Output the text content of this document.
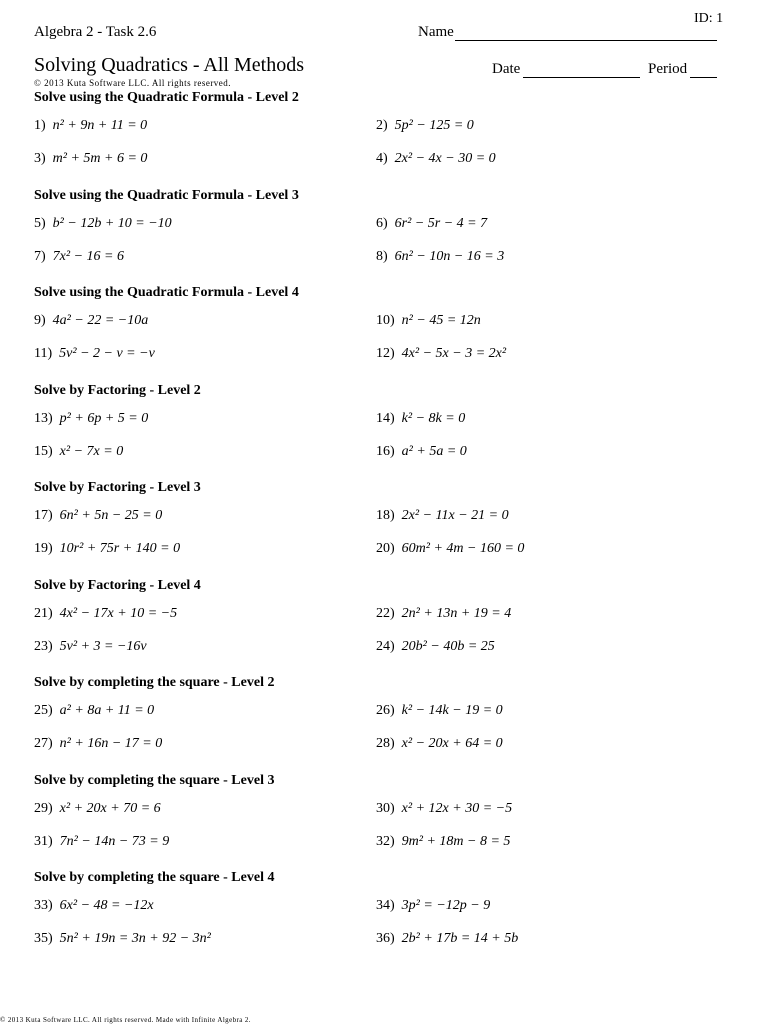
ID: 1
Algebra 2 - Task 2.6	Name
Solving Quadratics - All Methods	Date	Period
© 2013 Kuta Software LLC. All rights reserved.
Solve using the Quadratic Formula - Level 2
1) n² + 9n + 11 = 0	2) 5p² − 125 = 0
3) m² + 5m + 6 = 0	4) 2x² − 4x − 30 = 0
Solve using the Quadratic Formula - Level 3
5) b² − 12b + 10 = −10	6) 6r² − 5r − 4 = 7
7) 7x² − 16 = 6	8) 6n² − 10n − 16 = 3
Solve using the Quadratic Formula - Level 4
9) 4a² − 22 = −10a	10) n² − 45 = 12n
11) 5v² − 2 − v = −v	12) 4x² − 5x − 3 = 2x²
Solve by Factoring - Level 2
13) p² + 6p + 5 = 0	14) k² − 8k = 0
15) x² − 7x = 0	16) a² + 5a = 0
Solve by Factoring - Level 3
17) 6n² + 5n − 25 = 0	18) 2x² − 11x − 21 = 0
19) 10r² + 75r + 140 = 0	20) 60m² + 4m − 160 = 0
Solve by Factoring - Level 4
21) 4x² − 17x + 10 = −5	22) 2n² + 13n + 19 = 4
23) 5v² + 3 = −16v	24) 20b² − 40b = 25
Solve by completing the square - Level 2
25) a² + 8a + 11 = 0	26) k² − 14k − 19 = 0
27) n² + 16n − 17 = 0	28) x² − 20x + 64 = 0
Solve by completing the square - Level 3
29) x² + 20x + 70 = 6	30) x² + 12x + 30 = −5
31) 7n² − 14n − 73 = 9	32) 9m² + 18m − 8 = 5
Solve by completing the square - Level 4
33) 6x² − 48 = −12x	34) 3p² = −12p − 9
35) 5n² + 19n = 3n + 92 − 3n²	36) 2b² + 17b = 14 + 5b
© 2013 Kuta Software LLC. All rights reserved. Made with Infinite Algebra 2.
